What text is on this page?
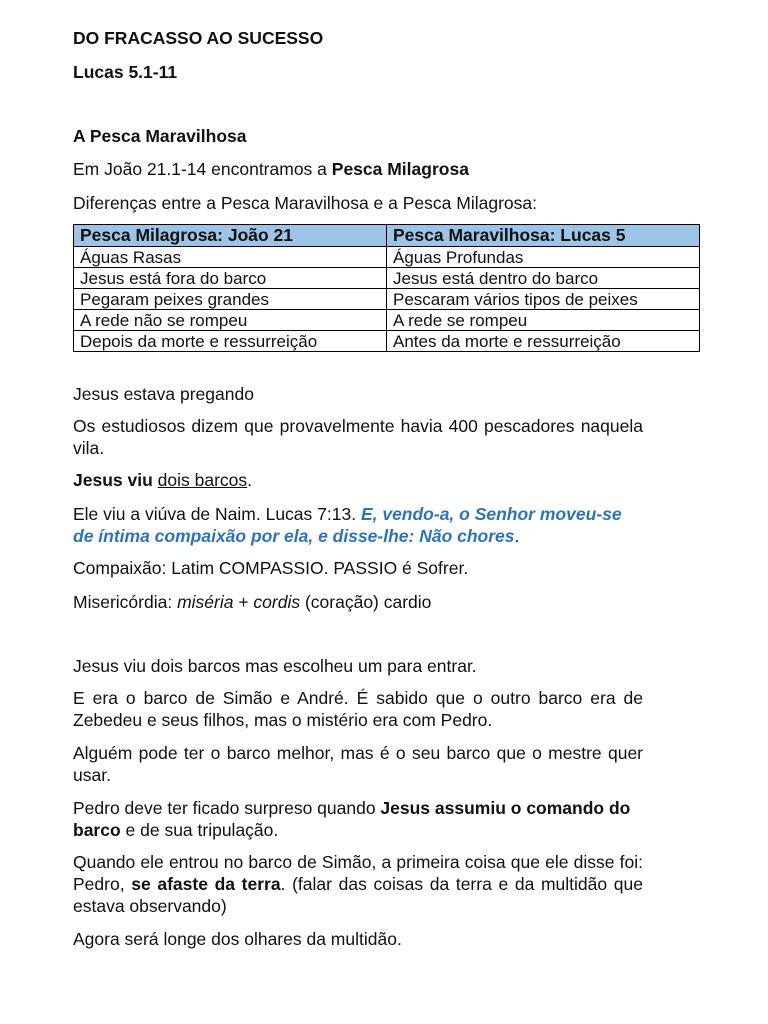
DO FRACASSO AO SUCESSO
Lucas 5.1-11
A Pesca Maravilhosa
Em João 21.1-14 encontramos a Pesca Milagrosa
Diferenças entre a Pesca Maravilhosa e a Pesca Milagrosa:
Pesca Milagrosa: João 21	Pesca Maravilhosa: Lucas 5
Águas Rasas	Águas Profundas
Jesus está fora do barco	Jesus está dentro do barco
Pegaram peixes grandes	Pescaram vários tipos de peixes
A rede não se rompeu	A rede se rompeu
Depois da morte e ressurreição	Antes da morte e ressurreição
Jesus estava pregando
Os estudiosos dizem que provavelmente havia 400 pescadores naquela vila.
Jesus viu dois barcos.
Ele viu a viúva de Naim. Lucas 7:13. E, vendo-a, o Senhor moveu-se de íntima compaixão por ela, e disse-lhe: Não chores.
Compaixão: Latim COMPASSIO. PASSIO é Sofrer.
Misericórdia: miséria + cordis (coração) cardio
Jesus viu dois barcos mas escolheu um para entrar.
E era o barco de Simão e André. É sabido que o outro barco era de Zebedeu e seus filhos, mas o mistério era com Pedro.
Alguém pode ter o barco melhor, mas é o seu barco que o mestre quer usar.
Pedro deve ter ficado surpreso quando Jesus assumiu o comando do barco e de sua tripulação.
Quando ele entrou no barco de Simão, a primeira coisa que ele disse foi: Pedro, se afaste da terra. (falar das coisas da terra e da multidão que estava observando)
Agora será longe dos olhares da multidão.
